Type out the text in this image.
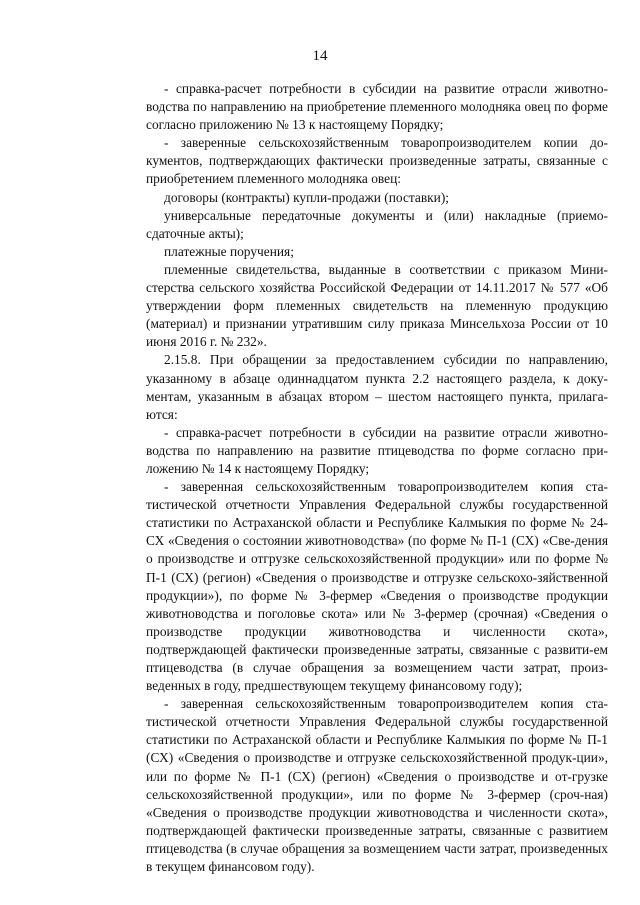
14

- справка-расчет потребности в субсидии на развитие отрасли животно-водства по направлению на приобретение племенного молодняка овец по форме согласно приложению № 13 к настоящему Порядку;

- заверенные сельскохозяйственным товаропроизводителем копии до-кументов, подтверждающих фактически произведенные затраты, связанные с приобретением племенного молодняка овец:

договоры (контракты) купли-продажи (поставки);

универсальные передаточные документы и (или) накладные (приемо-сдаточные акты);

платежные поручения;

племенные свидетельства, выданные в соответствии с приказом Мини-стерства сельского хозяйства Российской Федерации от 14.11.2017 № 577 «Об утверждении форм племенных свидетельств на племенную продукцию (материал) и признании утратившим силу приказа Минсельхоза России от 10 июня 2016 г. № 232».

2.15.8. При обращении за предоставлением субсидии по направлению, указанному в абзаце одиннадцатом пункта 2.2 настоящего раздела, к доку-ментам, указанным в абзацах втором – шестом настоящего пункта, прилага-ются:

- справка-расчет потребности в субсидии на развитие отрасли животно-водства по направлению на развитие птицеводства по форме согласно при-ложению № 14 к настоящему Порядку;

- заверенная сельскохозяйственным товаропроизводителем копия ста-тистической отчетности Управления Федеральной службы государственной статистики по Астраханской области и Республике Калмыкия по форме № 24-СХ «Сведения о состоянии животноводства» (по форме № П-1 (СХ) «Све-дения о производстве и отгрузке сельскохозяйственной продукции» или по форме № П-1 (СХ) (регион) «Сведения о производстве и отгрузке сельскохо-зяйственной продукции»), по форме № 3-фермер «Сведения о производстве продукции животноводства и поголовье скота» или № 3-фермер (срочная) «Сведения о производстве продукции животноводства и численности скота», подтверждающей фактически произведенные затраты, связанные с развити-ем птицеводства (в случае обращения за возмещением части затрат, произ-веденных в году, предшествующем текущему финансовому году);

- заверенная сельскохозяйственным товаропроизводителем копия ста-тистической отчетности Управления Федеральной службы государственной статистики по Астраханской области и Республике Калмыкия по форме № П-1 (СХ) «Сведения о производстве и отгрузке сельскохозяйственной продук-ции», или по форме № П-1 (СХ) (регион) «Сведения о производстве и от-грузке сельскохозяйственной продукции», или по форме № 3-фермер (сроч-ная) «Сведения о производстве продукции животноводства и численности скота», подтверждающей фактически произведенные затраты, связанные с развитием птицеводства (в случае обращения за возмещением части затрат, произведенных в текущем финансовом году).
